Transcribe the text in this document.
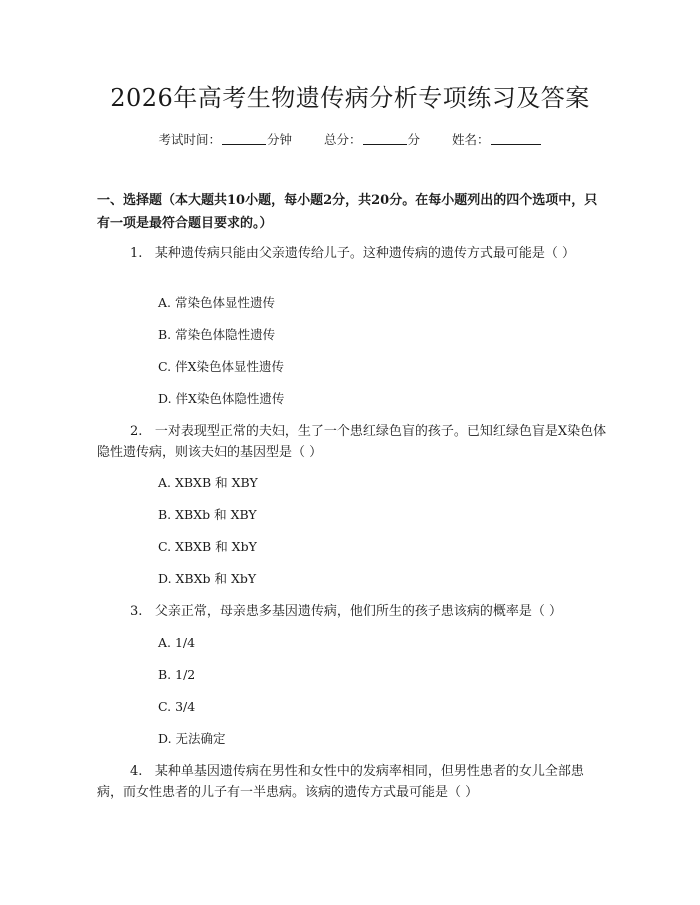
2026年高考生物遗传病分析专项练习及答案
考试时间：	分钟	总分：	分	姓名：
一、选择题（本大题共10小题，每小题2分，共20分。在每小题列出的四个选项中，只有一项是最符合题目要求的。）
1. 某种遗传病只能由父亲遗传给儿子。这种遗传病的遗传方式最可能是（ ）
A. 常染色体显性遗传
B. 常染色体隐性遗传
C. 伴X染色体显性遗传
D. 伴X染色体隐性遗传
2. 一对表现型正常的夫妇，生了一个患红绿色盲的孩子。已知红绿色盲是X染色体隐性遗传病，则该夫妇的基因型是（ ）
A. XBXB 和 XBY
B. XBXb 和 XBY
C. XBXB 和 XbY
D. XBXb 和 XbY
3. 父亲正常，母亲患多基因遗传病，他们所生的孩子患该病的概率是（ ）
A. 1/4
B. 1/2
C. 3/4
D. 无法确定
4. 某种单基因遗传病在男性和女性中的发病率相同，但男性患者的女儿全部患病，而女性患者的儿子有一半患病。该病的遗传方式最可能是（ ）
